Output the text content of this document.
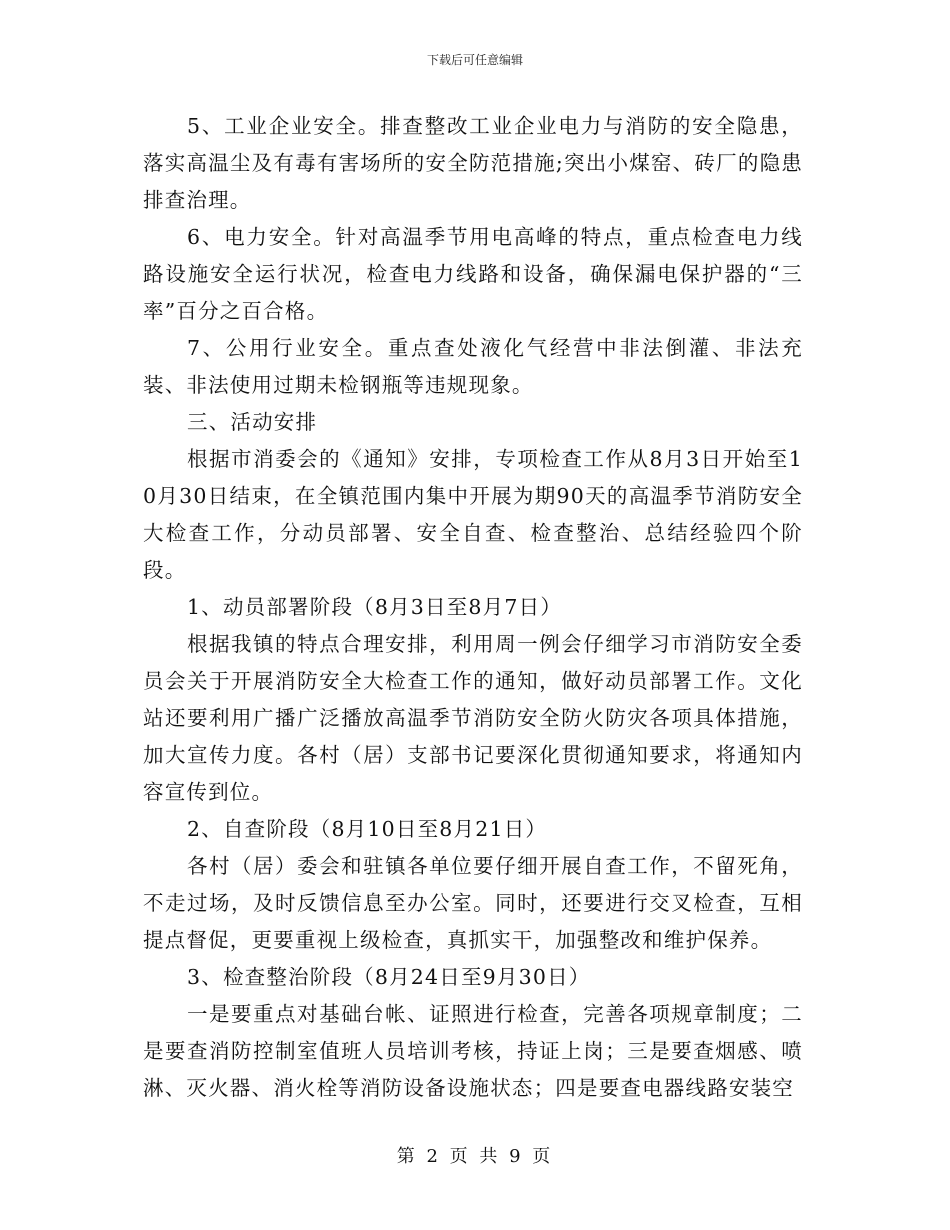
下载后可任意编辑

5、工业企业安全。排查整改工业企业电力与消防的安全隐患，落实高温尘及有毒有害场所的安全防范措施;突出小煤窑、砖厂的隐患排查治理。

6、电力安全。针对高温季节用电高峰的特点，重点检查电力线路设施安全运行状况，检查电力线路和设备，确保漏电保护器的“三率”百分之百合格。

7、公用行业安全。重点查处液化气经营中非法倒灌、非法充装、非法使用过期未检钢瓶等违规现象。

三、活动安排

根据市消委会的《通知》安排，专项检查工作从8月3日开始至10月30日结束，在全镇范围内集中开展为期90天的高温季节消防安全大检查工作，分动员部署、安全自查、检查整治、总结经验四个阶段。

1、动员部署阶段（8月3日至8月7日）

根据我镇的特点合理安排，利用周一例会仔细学习市消防安全委员会关于开展消防安全大检查工作的通知，做好动员部署工作。文化站还要利用广播广泛播放高温季节消防安全防火防灾各项具体措施，加大宣传力度。各村（居）支部书记要深化贯彻通知要求，将通知内容宣传到位。

2、自查阶段（8月10日至8月21日）

各村（居）委会和驻镇各单位要仔细开展自查工作，不留死角，不走过场，及时反馈信息至办公室。同时，还要进行交叉检查，互相提点督促，更要重视上级检查，真抓实干，加强整改和维护保养。

3、检查整治阶段（8月24日至9月30日）

一是要重点对基础台帐、证照进行检查，完善各项规章制度；二是要查消防控制室值班人员培训考核，持证上岗；三是要查烟感、喷淋、灭火器、消火栓等消防设备设施状态；四是要查电器线路安装空

第 2 页 共 9 页
